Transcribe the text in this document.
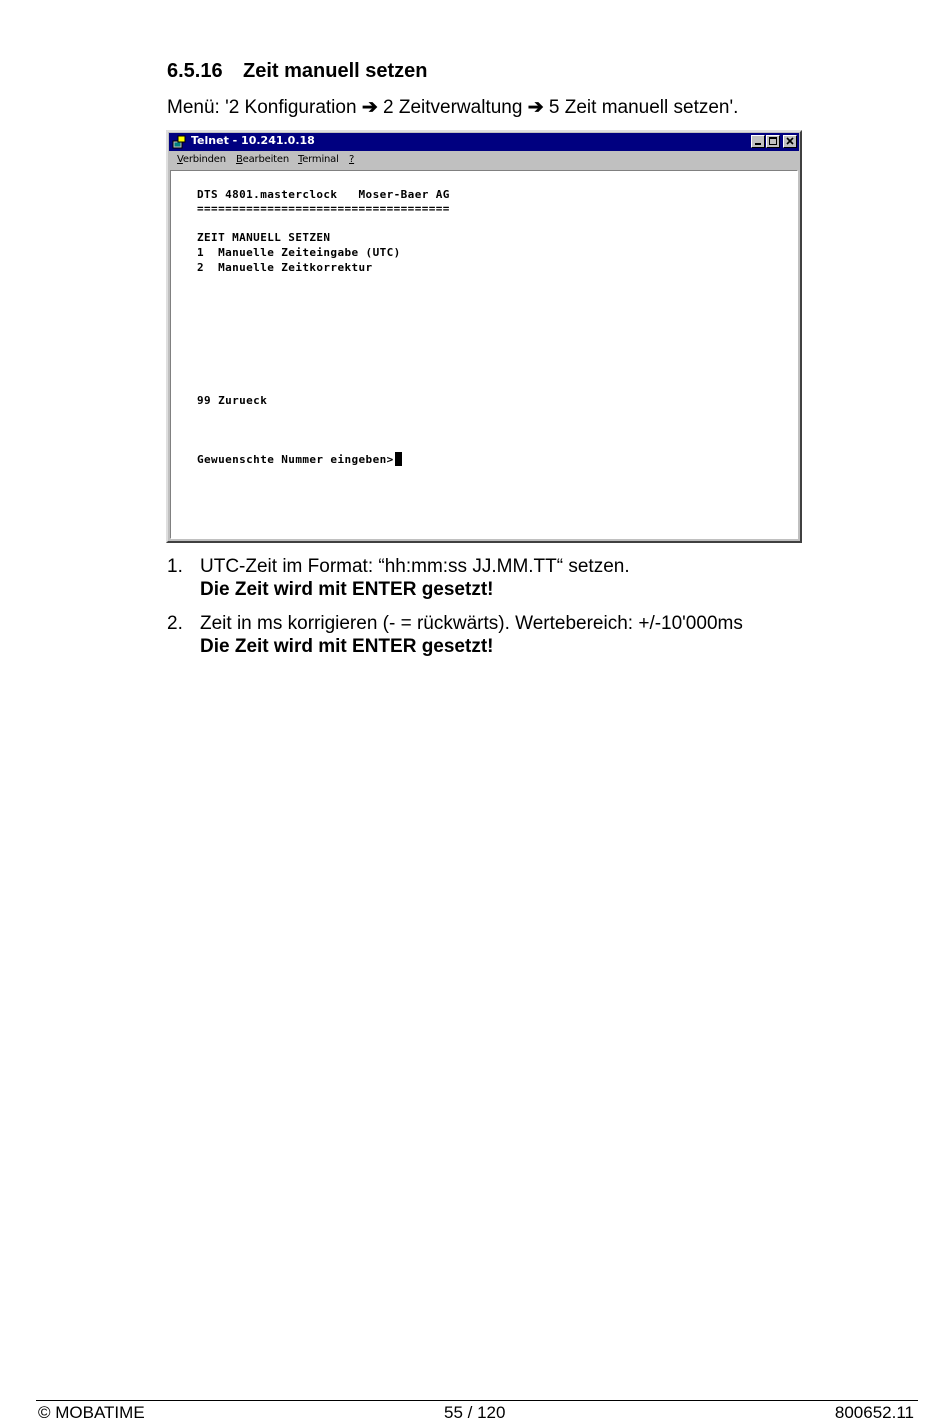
6.5.16 Zeit manuell setzen
Menü: '2 Konfiguration ➔ 2 Zeitverwaltung ➔ 5 Zeit manuell setzen'.
Telnet - 10.241.0.18
Verbinden Bearbeiten Terminal ?
DTS 4801.masterclock   Moser-Baer AG
====================================
ZEIT MANUELL SETZEN
1  Manuelle Zeiteingabe (UTC)
2  Manuelle Zeitkorrektur
99 Zurueck
Gewuenschte Nummer eingeben>
1. UTC-Zeit im Format: “hh:mm:ss JJ.MM.TT“ setzen.
Die Zeit wird mit ENTER gesetzt!
2. Zeit in ms korrigieren (- = rückwärts). Wertebereich: +/-10'000ms
Die Zeit wird mit ENTER gesetzt!
© MOBATIME	55 / 120	800652.11
